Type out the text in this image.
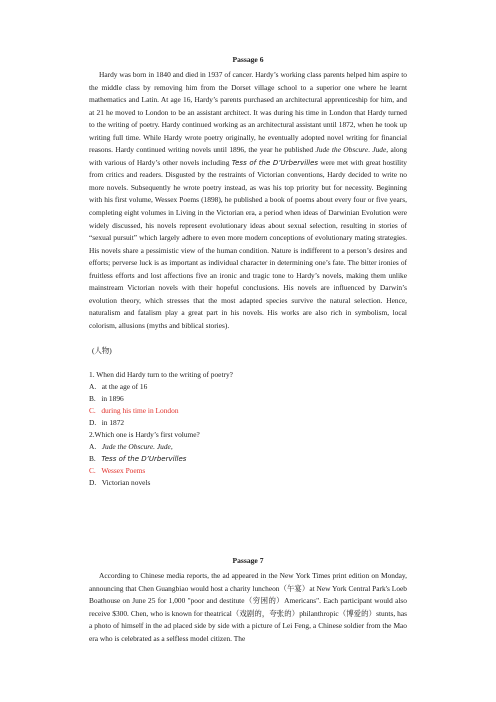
Passage 6

Hardy was born in 1840 and died in 1937 of cancer. Hardy’s working class parents helped him aspire to the middle class by removing him from the Dorset village school to a superior one where he learnt mathematics and Latin. At age 16, Hardy’s parents purchased an architectural apprenticeship for him, and at 21 he moved to London to be an assistant architect. It was during his time in London that Hardy turned to the writing of poetry. Hardy continued working as an architectural assistant until 1872, when he took up writing full time. While Hardy wrote poetry originally, he eventually adopted novel writing for financial reasons. Hardy continued writing novels until 1896, the year he published Jude the Obscure. Jude, along with various of Hardy’s other novels including Tess of the D’Urbervilles were met with great hostility from critics and readers. Disgusted by the restraints of Victorian conventions, Hardy decided to write no more novels. Subsequently he wrote poetry instead, as was his top priority but for necessity. Beginning with his first volume, Wessex Poems (1898), he published a book of poems about every four or five years, completing eight volumes in Living in the Victorian era, a period when ideas of Darwinian Evolution were widely discussed, his novels represent evolutionary ideas about sexual selection, resulting in stories of “sexual pursuit” which largely adhere to even more modern conceptions of evolutionary mating strategies. His novels share a pessimistic view of the human condition. Nature is indifferent to a person’s desires and efforts; perverse luck is as important as individual character in determining one’s fate. The bitter ironies of fruitless efforts and lost affections five an ironic and tragic tone to Hardy’s novels, making them unlike mainstream Victorian novels with their hopeful conclusions. His novels are influenced by Darwin’s evolution theory, which stresses that the most adapted species survive the natural selection. Hence, naturalism and fatalism play a great part in his novels. His works are also rich in symbolism, local colorism, allusions (myths and biblical stories).

(人物)
1. When did Hardy turn to the writing of poetry?
A. at the age of 16
B. in 1896
C. during his time in London
D. in 1872
2.Which one is Hardy’s first volume?
A. Jude the Obscure. Jude,
B. Tess of the D’Urbervilles
C. Wessex Poems
D. Victorian novels
Passage 7

According to Chinese media reports, the ad appeared in the New York Times print edition on Monday, announcing that Chen Guangbiao would host a charity luncheon（午宴）at New York Central Park's Loeb Boathouse on June 25 for 1,000 "poor and destitute（穷困的）Americans". Each participant would also receive $300. Chen, who is known for theatrical（戏剧的，夸张的）philanthropic（博爱的）stunts, has a photo of himself in the ad placed side by side with a picture of Lei Feng, a Chinese soldier from the Mao era who is celebrated as a selfless model citizen. The
